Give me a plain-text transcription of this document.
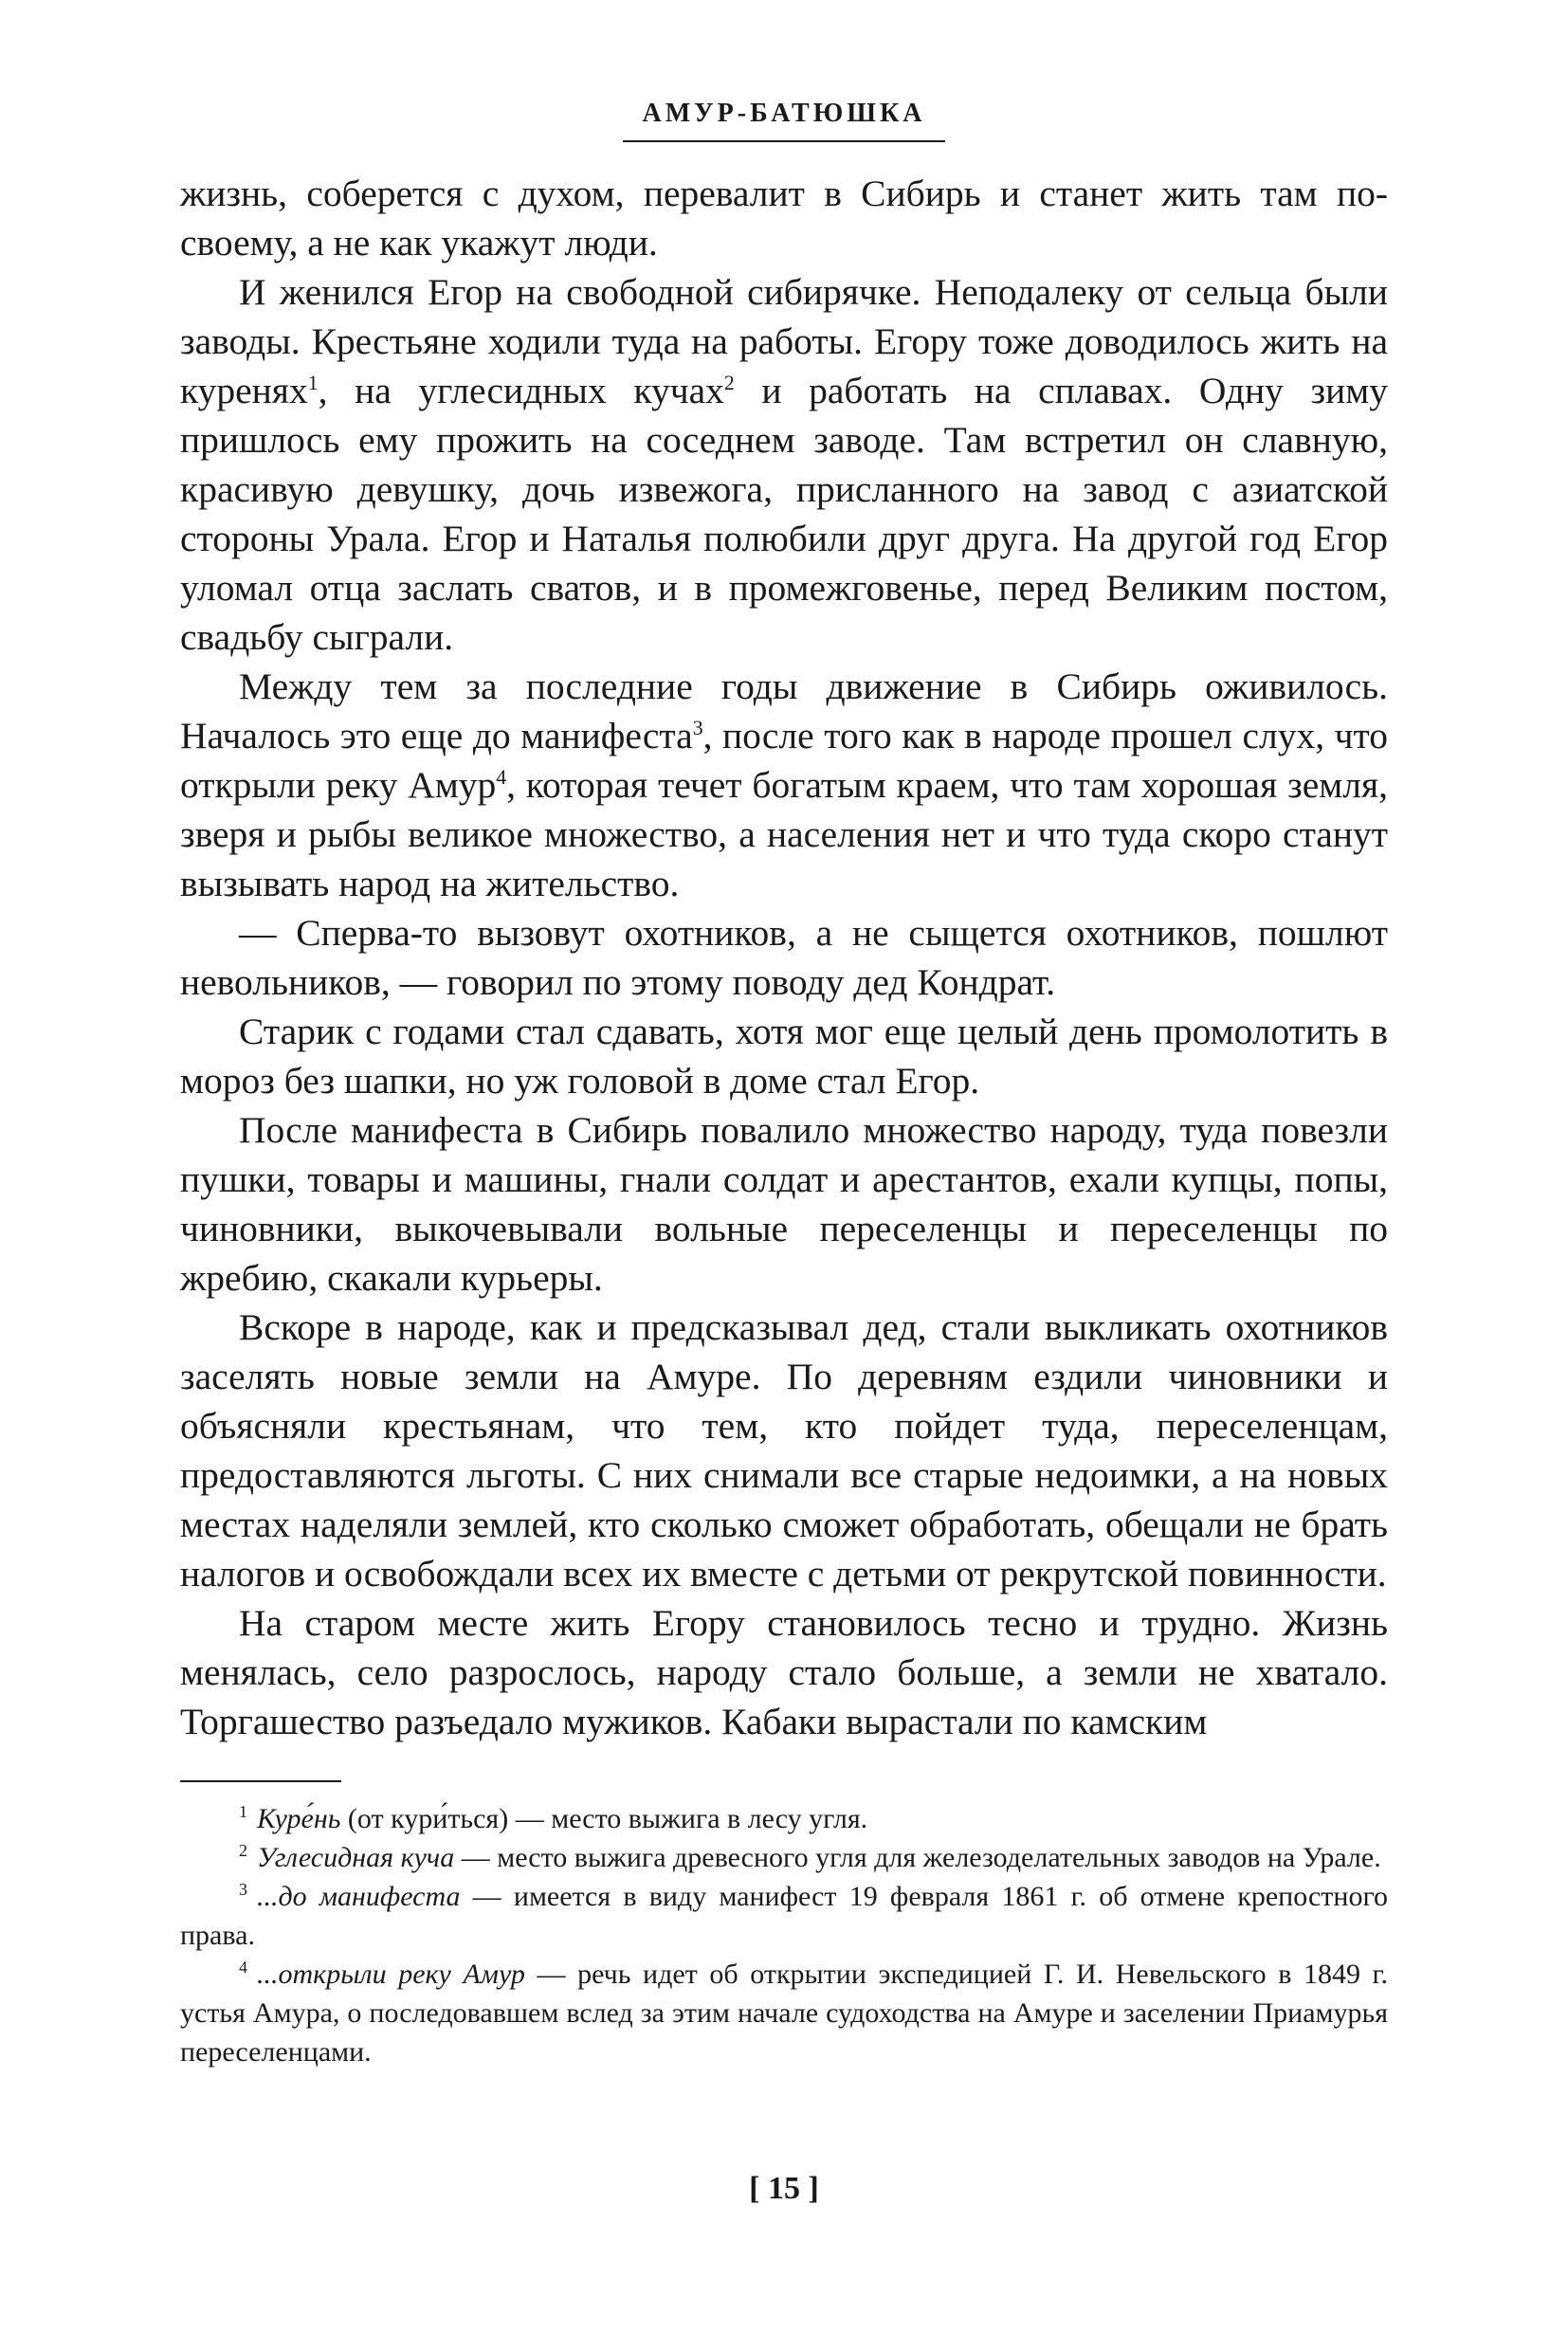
АМУР-БАТЮШКА

жизнь, соберется с духом, перевалит в Сибирь и станет жить там по-своему, а не как укажут люди.

И женился Егор на свободной сибирячке. Неподалеку от сельца были заводы. Крестьяне ходили туда на работы. Егору тоже доводилось жить на куренях$^1$, на углесидных кучах$^2$ и работать на сплавах. Одну зиму пришлось ему прожить на соседнем заводе. Там встретил он славную, красивую девушку, дочь извежога, присланного на завод с азиатской стороны Урала. Егор и Наталья полюбили друг друга. На другой год Егор уломал отца заслать сватов, и в промежговенье, перед Великим постом, свадьбу сыграли.

Между тем за последние годы движение в Сибирь оживилось. Началось это еще до манифеста$^3$, после того как в народе прошел слух, что открыли реку Амур$^4$, которая течет богатым краем, что там хорошая земля, зверя и рыбы великое множество, а населения нет и что туда скоро станут вызывать народ на жительство.

— Сперва-то вызовут охотников, а не сыщется охотников, пошлют невольников, — говорил по этому поводу дед Кондрат.

Старик с годами стал сдавать, хотя мог еще целый день промолотить в мороз без шапки, но уж головой в доме стал Егор.

После манифеста в Сибирь повалило множество народу, туда повезли пушки, товары и машины, гнали солдат и арестантов, ехали купцы, попы, чиновники, выкочевывали вольные переселенцы и переселенцы по жребию, скакали курьеры.

Вскоре в народе, как и предсказывал дед, стали выкликать охотников заселять новые земли на Амуре. По деревням ездили чиновники и объясняли крестьянам, что тем, кто пойдет туда, переселенцам, предоставляются льготы. С них снимали все старые недоимки, а на новых местах наделяли землей, кто сколько сможет обработать, обещали не брать налогов и освобождали всех их вместе с детьми от рекрутской повинности.

На старом месте жить Егору становилось тесно и трудно. Жизнь менялась, село разрослось, народу стало больше, а земли не хватало. Торгашество разъедало мужиков. Кабаки вырастали по камским

$^1$ Куре́нь (от кури́ться) — место выжига в лесу угля.

$^2$ Углесидная куча — место выжига древесного угля для железоделательных заводов на Урале.

$^3$ ...до манифеста — имеется в виду манифест 19 февраля 1861 г. об отмене крепостного права.

$^4$ ...открыли реку Амур — речь идет об открытии экспедицией Г. И. Невельского в 1849 г. устья Амура, о последовавшем вслед за этим начале судоходства на Амуре и заселении Приамурья переселенцами.

[ 15 ]
